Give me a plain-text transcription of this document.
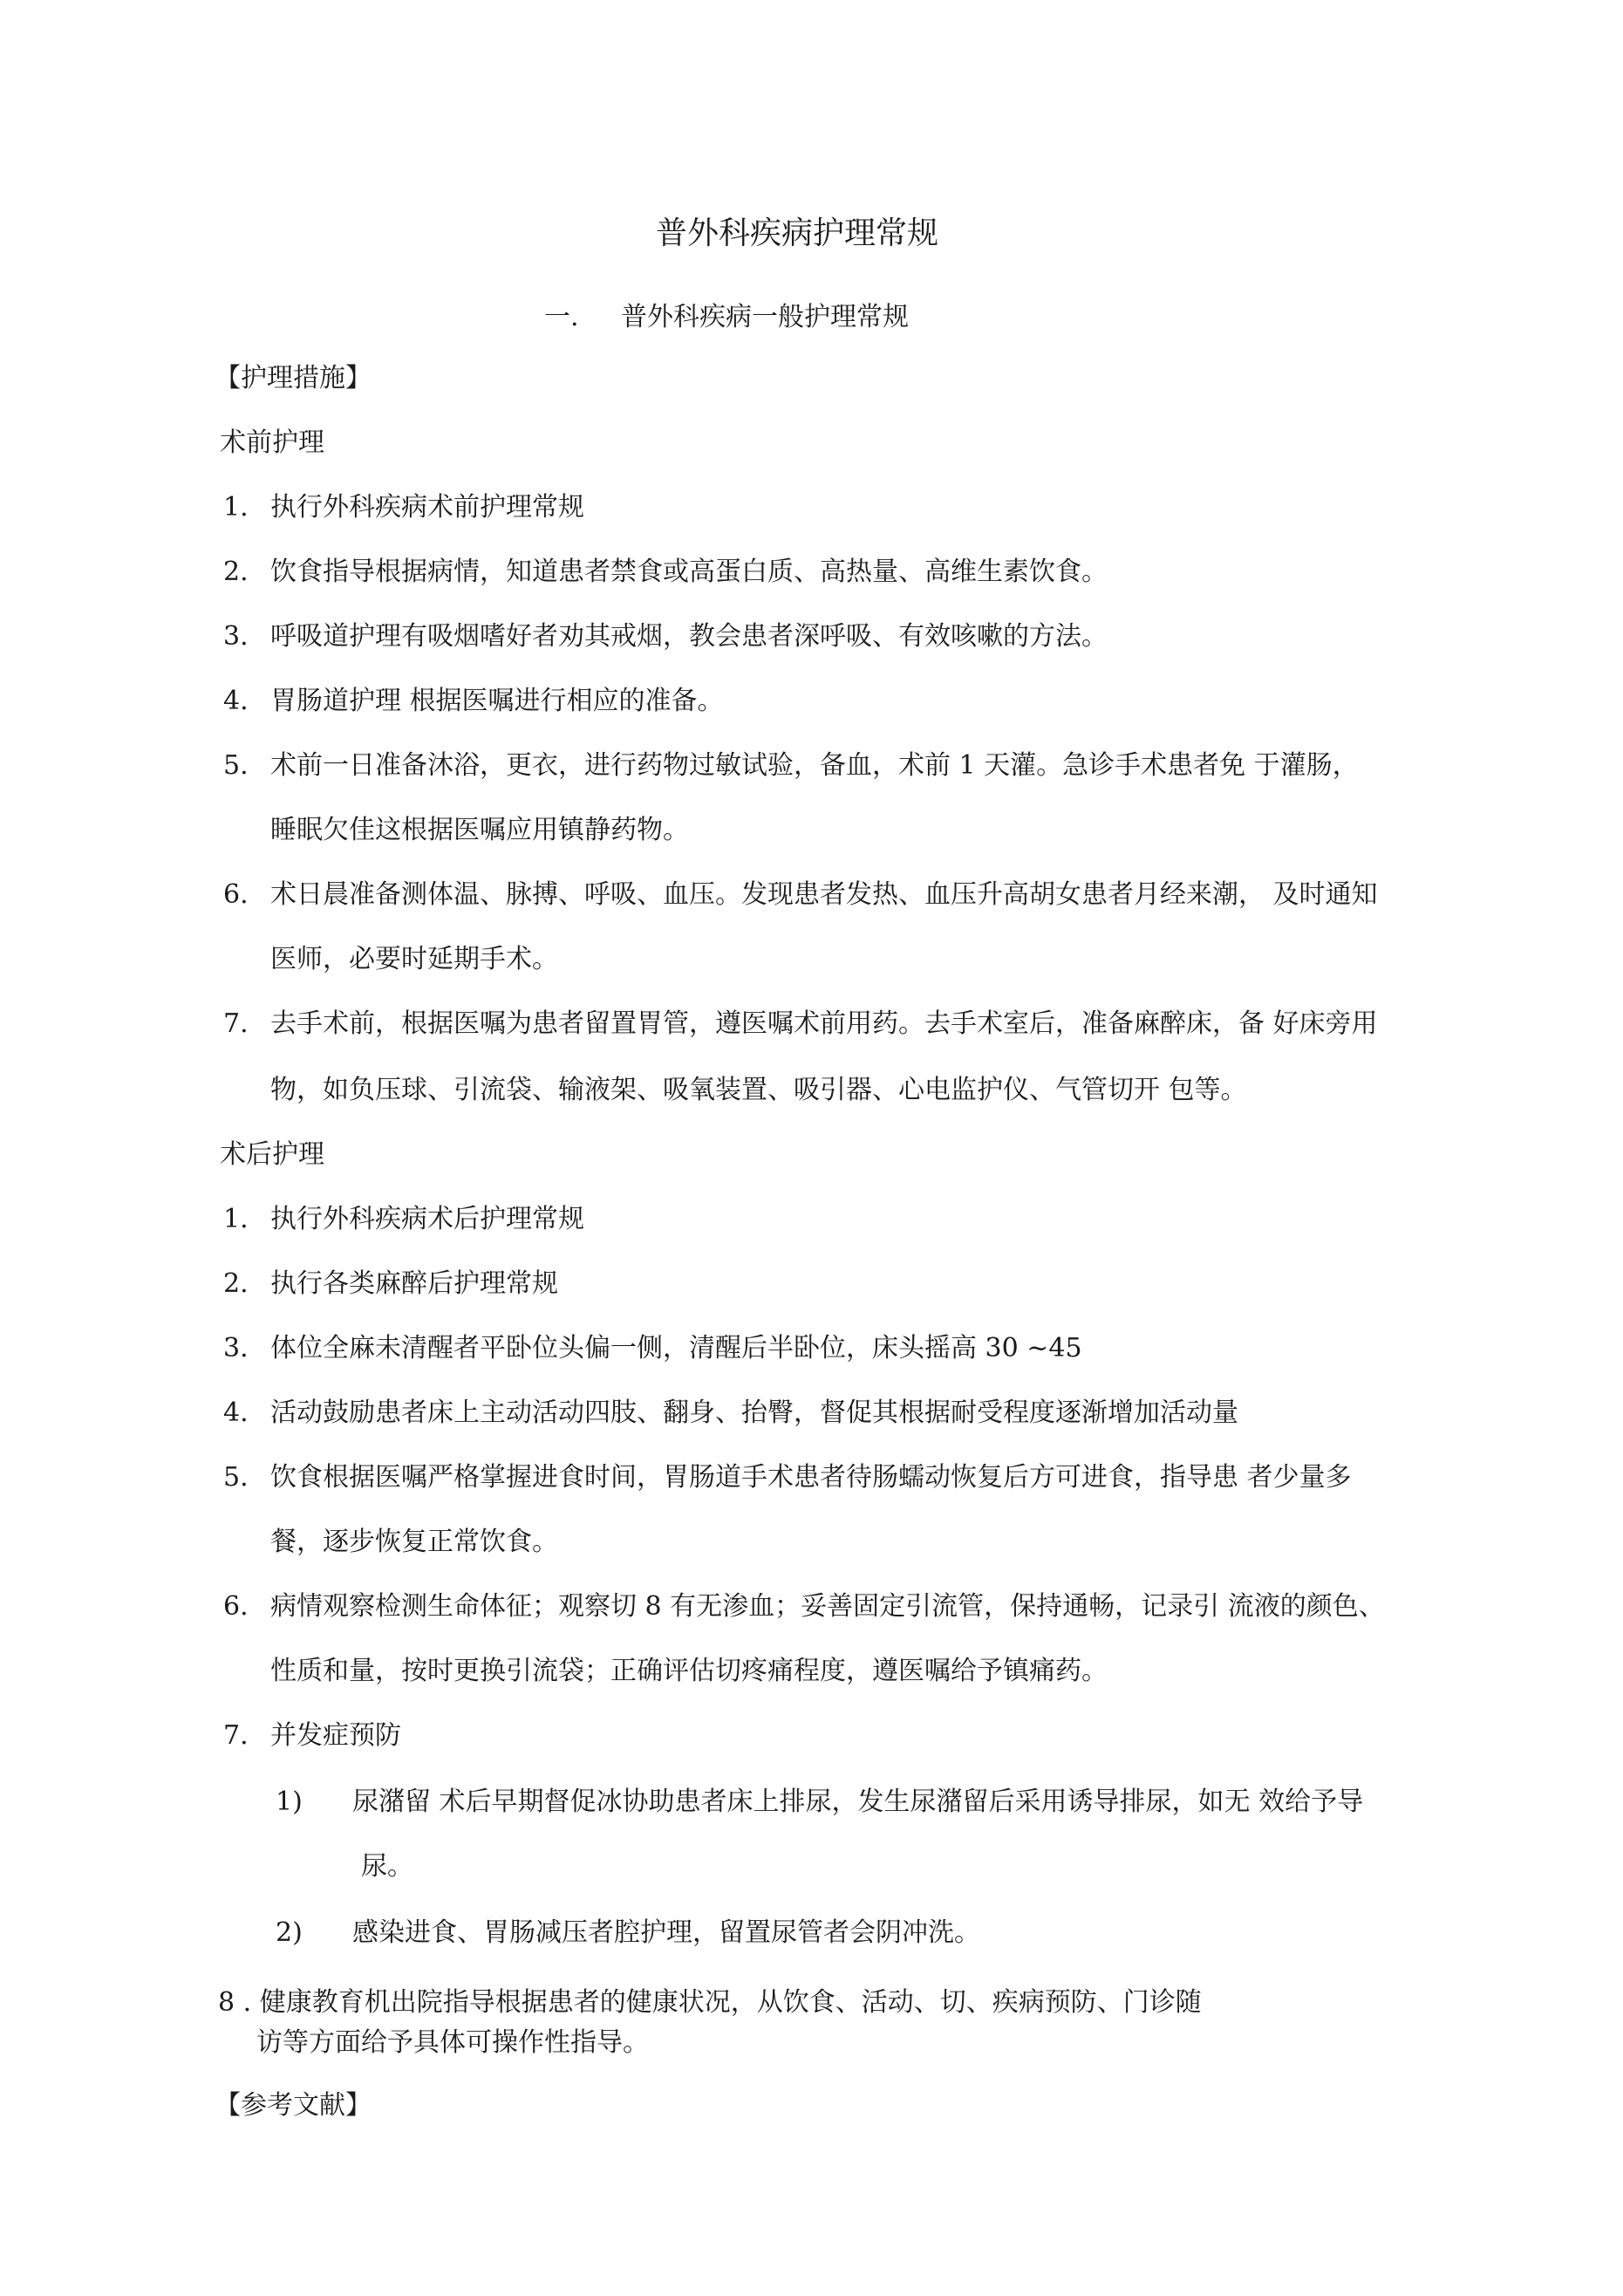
普外科疾病护理常规
一. 普外科疾病一般护理常规
【护理措施】
术前护理
1. 执行外科疾病术前护理常规
2. 饮食指导根据病情，知道患者禁食或高蛋白质、高热量、高维生素饮食。
3. 呼吸道护理有吸烟嗜好者劝其戒烟，教会患者深呼吸、有效咳嗽的方法。
4. 胃肠道护理 根据医嘱进行相应的准备。
5. 术前一日准备沐浴，更衣，进行药物过敏试验，备血，术前 1 天灌。急诊手术患者免 于灌肠，
睡眠欠佳这根据医嘱应用镇静药物。
6. 术日晨准备测体温、脉搏、呼吸、血压。发现患者发热、血压升高胡女患者月经来潮， 及时通知
医师，必要时延期手术。
7. 去手术前，根据医嘱为患者留置胃管，遵医嘱术前用药。去手术室后，准备麻醉床，备 好床旁用
物，如负压球、引流袋、输液架、吸氧装置、吸引器、心电监护仪、气管切开 包等。
术后护理
1. 执行外科疾病术后护理常规
2. 执行各类麻醉后护理常规
3. 体位全麻未清醒者平卧位头偏一侧，清醒后半卧位，床头摇高 30 ~45
4. 活动鼓励患者床上主动活动四肢、翻身、抬臀，督促其根据耐受程度逐渐增加活动量
5. 饮食根据医嘱严格掌握进食时间，胃肠道手术患者待肠蠕动恢复后方可进食，指导患 者少量多
餐，逐步恢复正常饮食。
6. 病情观察检测生命体征；观察切 8 有无渗血；妥善固定引流管，保持通畅，记录引 流液的颜色、
性质和量，按时更换引流袋；正确评估切疼痛程度，遵医嘱给予镇痛药。
7. 并发症预防
1) 尿潴留 术后早期督促冰协助患者床上排尿，发生尿潴留后采用诱导排尿，如无 效给予导
尿。
2) 感染进食、胃肠减压者腔护理，留置尿管者会阴冲洗。
8 . 健康教育机出院指导根据患者的健康状况，从饮食、活动、切、疾病预防、门诊随
访等方面给予具体可操作性指导。
【参考文献】
